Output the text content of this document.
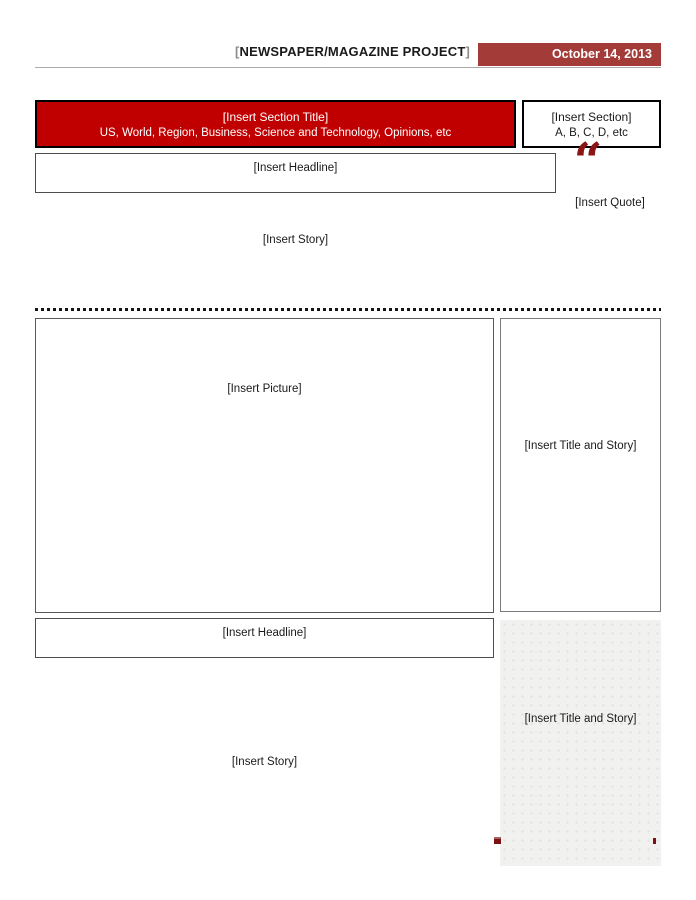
[NEWSPAPER/MAGAZINE PROJECT]	October 14, 2013
[Insert Section Title]
US, World, Region, Business, Science and Technology, Opinions, etc
[Insert Section]
A, B, C, D, etc
[Insert Headline]	“
[Insert Quote]
[Insert Story]
[Insert Picture]
[Insert Title and Story]
[Insert Headline]
[Insert Title and Story]
[Insert Story]
